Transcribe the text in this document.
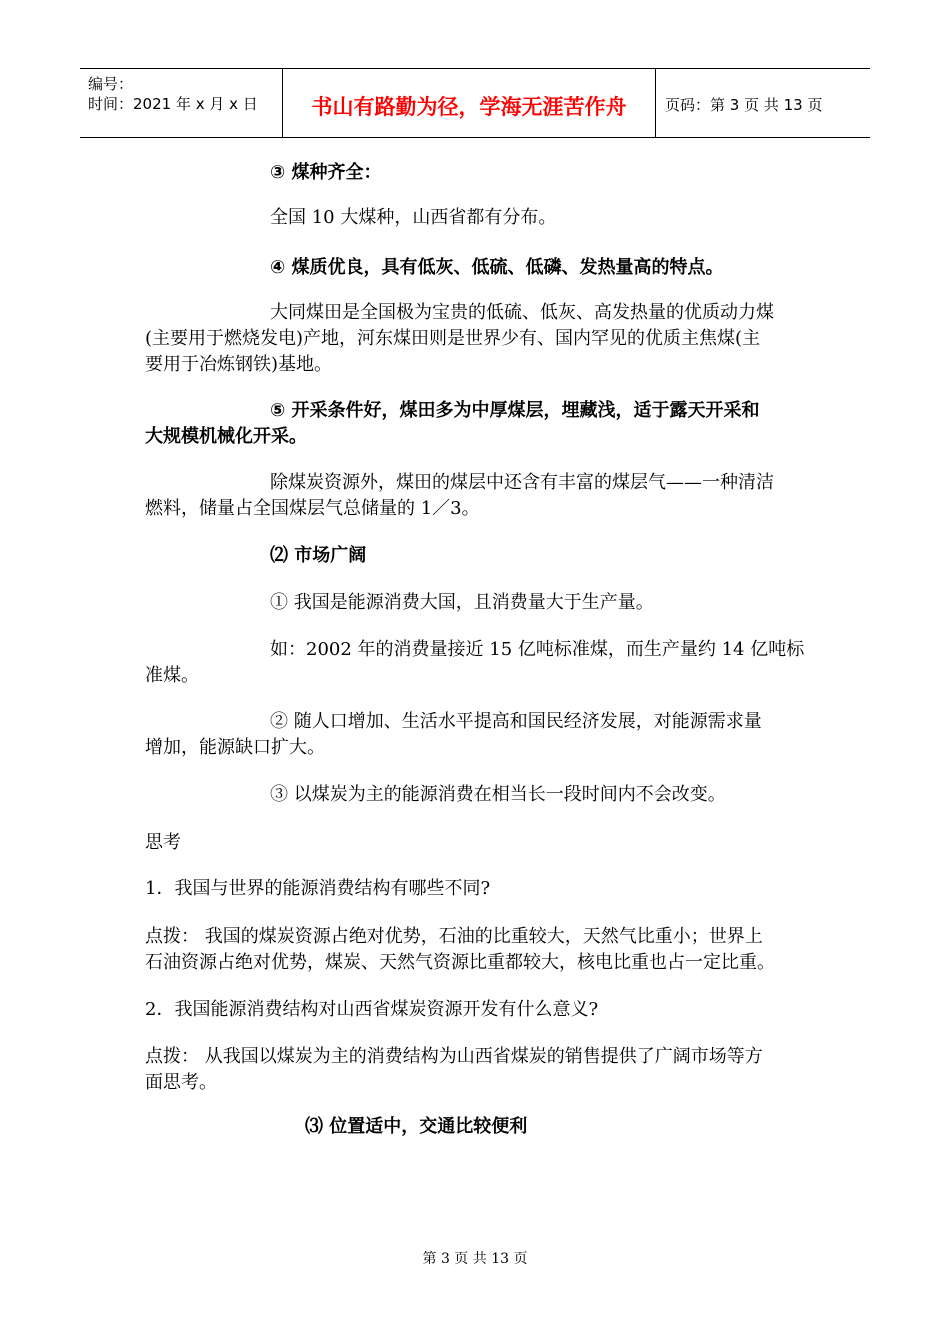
编号：
时间：2021 年 x 月 x 日	书山有路勤为径，学海无涯苦作舟	页码：第 3 页 共 13 页
③ 煤种齐全：
全国 10 大煤种，山西省都有分布。
④ 煤质优良，具有低灰、低硫、低磷、发热量高的特点。
大同煤田是全国极为宝贵的低硫、低灰、高发热量的优质动力煤
(主要用于燃烧发电)产地，河东煤田则是世界少有、国内罕见的优质主焦煤(主
要用于冶炼钢铁)基地。
⑤ 开采条件好，煤田多为中厚煤层，埋藏浅，适于露天开采和
大规模机械化开采。
除煤炭资源外，煤田的煤层中还含有丰富的煤层气——一种清洁
燃料，储量占全国煤层气总储量的 1／3。
⑵ 市场广阔
① 我国是能源消费大国，且消费量大于生产量。
如：2002 年的消费量接近 15 亿吨标准煤，而生产量约 14 亿吨标
准煤。
② 随人口增加、生活水平提高和国民经济发展，对能源需求量
增加，能源缺口扩大。
③ 以煤炭为主的能源消费在相当长一段时间内不会改变。
思考
1．我国与世界的能源消费结构有哪些不同?
点拨： 我国的煤炭资源占绝对优势，石油的比重较大，天然气比重小；世界上
石油资源占绝对优势，煤炭、天然气资源比重都较大，核电比重也占一定比重。
2．我国能源消费结构对山西省煤炭资源开发有什么意义?
点拨： 从我国以煤炭为主的消费结构为山西省煤炭的销售提供了广阔市场等方
面思考。
⑶ 位置适中，交通比较便利
第 3 页 共 13 页
